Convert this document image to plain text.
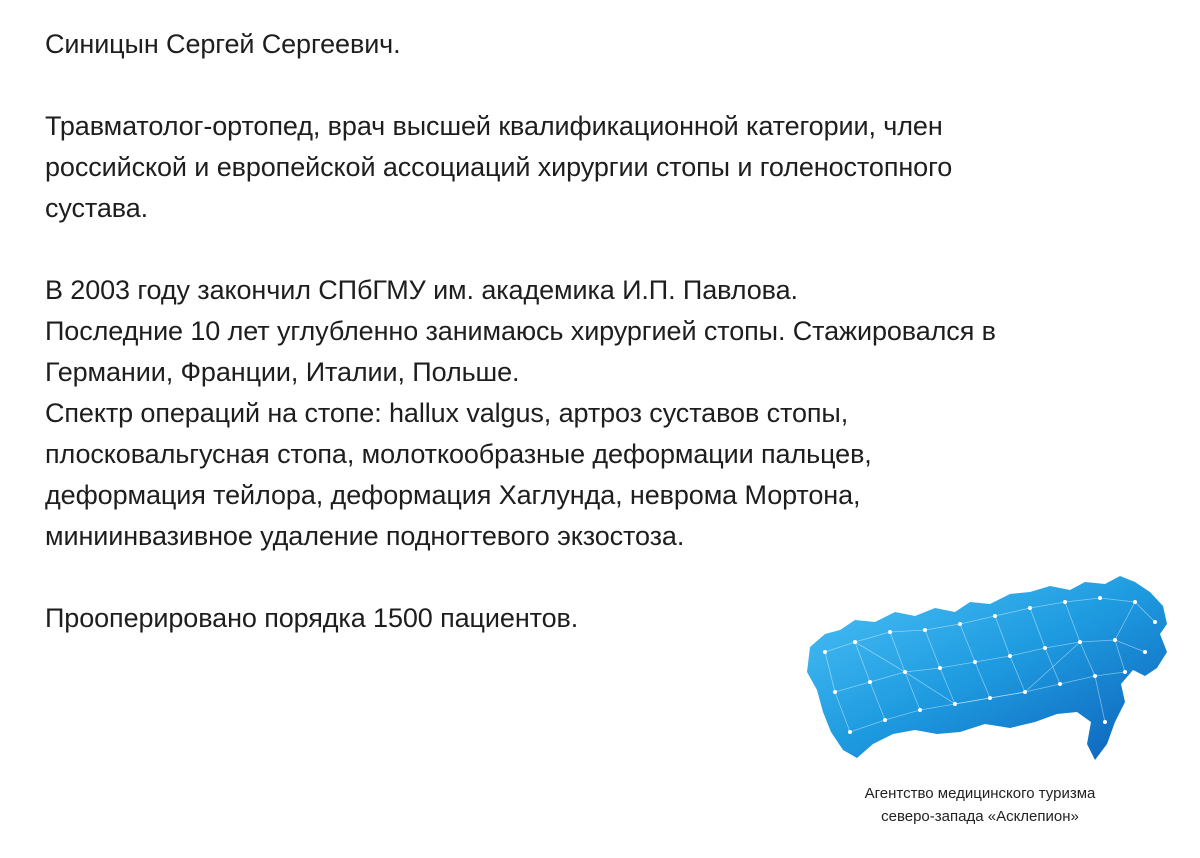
Синицын Сергей Сергеевич.

Травматолог-ортопед, врач высшей квалификационной категории, член

российской и европейской ассоциаций хирургии стопы и голеностопного

сустава.

В 2003 году закончил СПбГМУ им. академика И.П. Павлова.

Последние 10 лет углубленно занимаюсь хирургией стопы. Стажировался в

Германии, Франции, Италии, Польше.

Спектр операций на стопе: hallux valgus, артроз суставов стопы,

плосковальгусная стопа, молоткообразные деформации пальцев,

деформация тейлора, деформация Хаглунда, неврома Мортона,

миниинвазивное удаление подногтевого экзостоза.

Прооперировано порядка 1500 пациентов.

Агентство медицинского туризма

северо-запада «Асклепион»
